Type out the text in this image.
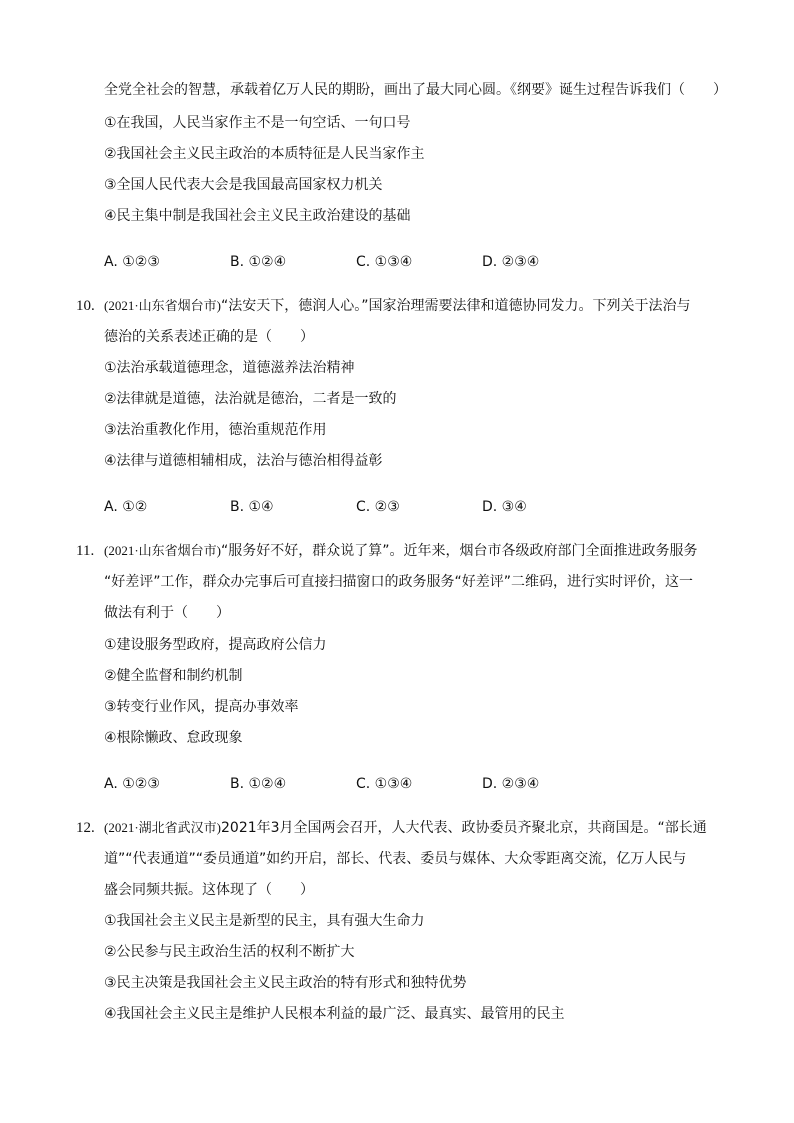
全党全社会的智慧，承载着亿万人民的期盼，画出了最大同心圆。《纲要》诞生过程告诉我们（　　）
①在我国，人民当家作主不是一句空话、一句口号
②我国社会主义民主政治的本质特征是人民当家作主
③全国人民代表大会是我国最高国家权力机关
④民主集中制是我国社会主义民主政治建设的基础
A. ①②③	B. ①②④	C. ①③④	D. ②③④
10. (2021·山东省烟台市)“法安天下，德润人心。”国家治理需要法律和道德协同发力。下列关于法治与
德治的关系表述正确的是（　　）
①法治承载道德理念，道德滋养法治精神
②法律就是道德，法治就是德治，二者是一致的
③法治重教化作用，德治重规范作用
④法律与道德相辅相成，法治与德治相得益彰
A. ①②	B. ①④	C. ②③	D. ③④
11. (2021·山东省烟台市)“服务好不好，群众说了算”。近年来，烟台市各级政府部门全面推进政务服务
“好差评”工作，群众办完事后可直接扫描窗口的政务服务“好差评”二维码，进行实时评价，这一
做法有利于（　　）
①建设服务型政府，提高政府公信力
②健全监督和制约机制
③转变行业作风，提高办事效率
④根除懒政、怠政现象
A. ①②③	B. ①②④	C. ①③④	D. ②③④
12. (2021·湖北省武汉市)2021年3月全国两会召开，人大代表、政协委员齐聚北京，共商国是。“部长通
道”“代表通道”“委员通道”如约开启，部长、代表、委员与媒体、大众零距离交流，亿万人民与
盛会同频共振。这体现了（　　）
①我国社会主义民主是新型的民主，具有强大生命力
②公民参与民主政治生活的权利不断扩大
③民主决策是我国社会主义民主政治的特有形式和独特优势
④我国社会主义民主是维护人民根本利益的最广泛、最真实、最管用的民主
